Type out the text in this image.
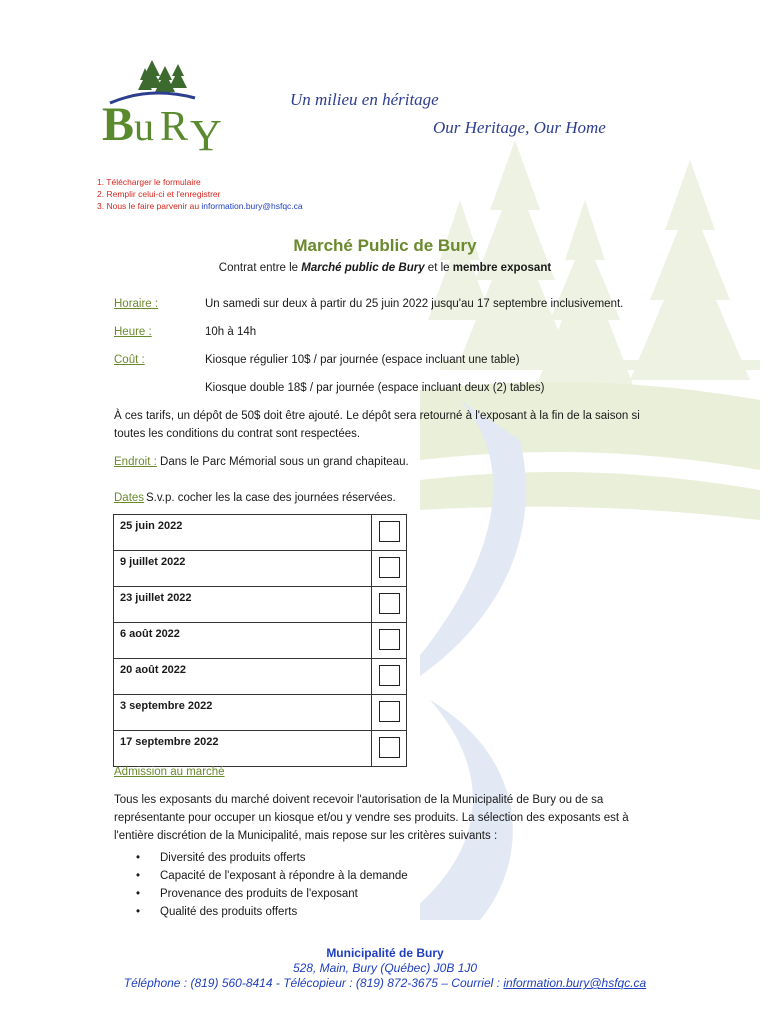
B u R Y
Un milieu en héritage
Our Heritage, Our Home
1. Télécharger le formulaire
2. Remplir celui-ci et l'enregistrer
3. Nous le faire parvenir au information.bury@hsfqc.ca
Marché Public de Bury
Contrat entre le Marché public de Bury et le membre exposant
Horaire :	Un samedi sur deux à partir du 25 juin 2022 jusqu'au 17 septembre inclusivement.
Heure :	10h à 14h
Coût :	Kiosque régulier 10$ / par journée (espace incluant une table)
Kiosque double 18$ / par journée (espace incluant deux (2) tables)
À ces tarifs, un dépôt de 50$ doit être ajouté. Le dépôt sera retourné à l'exposant à la fin de la saison si toutes les conditions du contrat sont respectées.
Endroit : Dans le Parc Mémorial sous un grand chapiteau.
Dates S.v.p. cocher les la case des journées réservées.
25 juin 2022	
9 juillet 2022	
23 juillet 2022	
6 août 2022	
20 août 2022	
3 septembre 2022	
17 septembre 2022	
Admission au marché
Tous les exposants du marché doivent recevoir l'autorisation de la Municipalité de Bury ou de sa représentante pour occuper un kiosque et/ou y vendre ses produits. La sélection des exposants est à l'entière discrétion de la Municipalité, mais repose sur les critères suivants :
• Diversité des produits offerts
• Capacité de l'exposant à répondre à la demande
• Provenance des produits de l'exposant
• Qualité des produits offerts
Municipalité de Bury
528, Main, Bury (Québec) J0B 1J0
Téléphone : (819) 560-8414 - Télécopieur : (819) 872-3675 – Courriel : information.bury@hsfqc.ca
